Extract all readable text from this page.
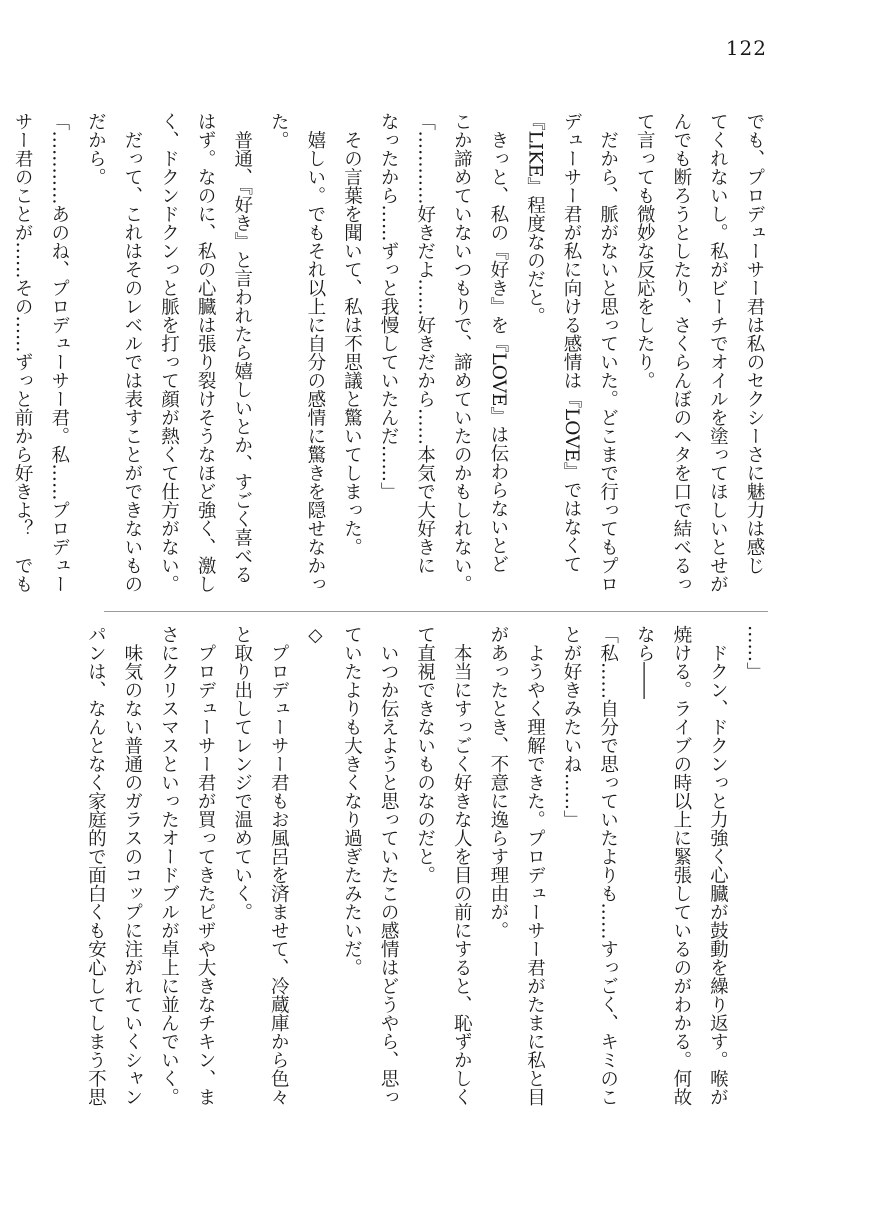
122

でも、プロデューサー君は私のセクシーさに魅力は感じ

てくれないし。私がビーチでオイルを塗ってほしいとせが

んでも断ろうとしたり、さくらんぼのヘタを口で結べるっ

て言っても微妙な反応をしたり。

　だから、脈がないと思っていた。どこまで行ってもプロ

デューサー君が私に向ける感情は『LOVE』ではなくて

『LIKE』程度なのだと。

　きっと、私の『好き』を『LOVE』は伝わらないとど

こか諦めていないつもりで、諦めていたのかもしれない。

「…………好きだよ……好きだから……本気で大好きに

なったから……ずっと我慢していたんだ……」

　その言葉を聞いて、私は不思議と驚いてしまった。

　嬉しい。でもそれ以上に自分の感情に驚きを隠せなかっ

た。

　普通、『好き』と言われたら嬉しいとか、すごく喜べる

はず。なのに、私の心臓は張り裂けそうなほど強く、激し

く、ドクンドクンっと脈を打って顔が熱くて仕方がない。

　だって、これはそのレベルでは表すことができないもの

だから。

「…………あのね、プロデューサー君。私……プロデュー

サー君のことが……その……ずっと前から好きよ？　でも

……」

　ドクン、ドクンっと力強く心臓が鼓動を繰り返す。喉が

焼ける。ライブの時以上に緊張しているのがわかる。何故

なら――

「私……自分で思っていたよりも……すっごく、キミのこ

とが好きみたいね……」

　ようやく理解できた。プロデューサー君がたまに私と目

があったとき、不意に逸らす理由が。

　本当にすっごく好きな人を目の前にすると、恥ずかしく

て直視できないものなのだと。

　いつか伝えようと思っていたこの感情はどうやら、思っ

ていたよりも大きくなり過ぎたみたいだ。

◇

　プロデューサー君もお風呂を済ませて、冷蔵庫から色々

と取り出してレンジで温めていく。

　プロデューサー君が買ってきたピザや大きなチキン、ま

さにクリスマスといったオードブルが卓上に並んでいく。

　味気のない普通のガラスのコップに注がれていくシャン

パンは、なんとなく家庭的で面白くも安心してしまう不思
